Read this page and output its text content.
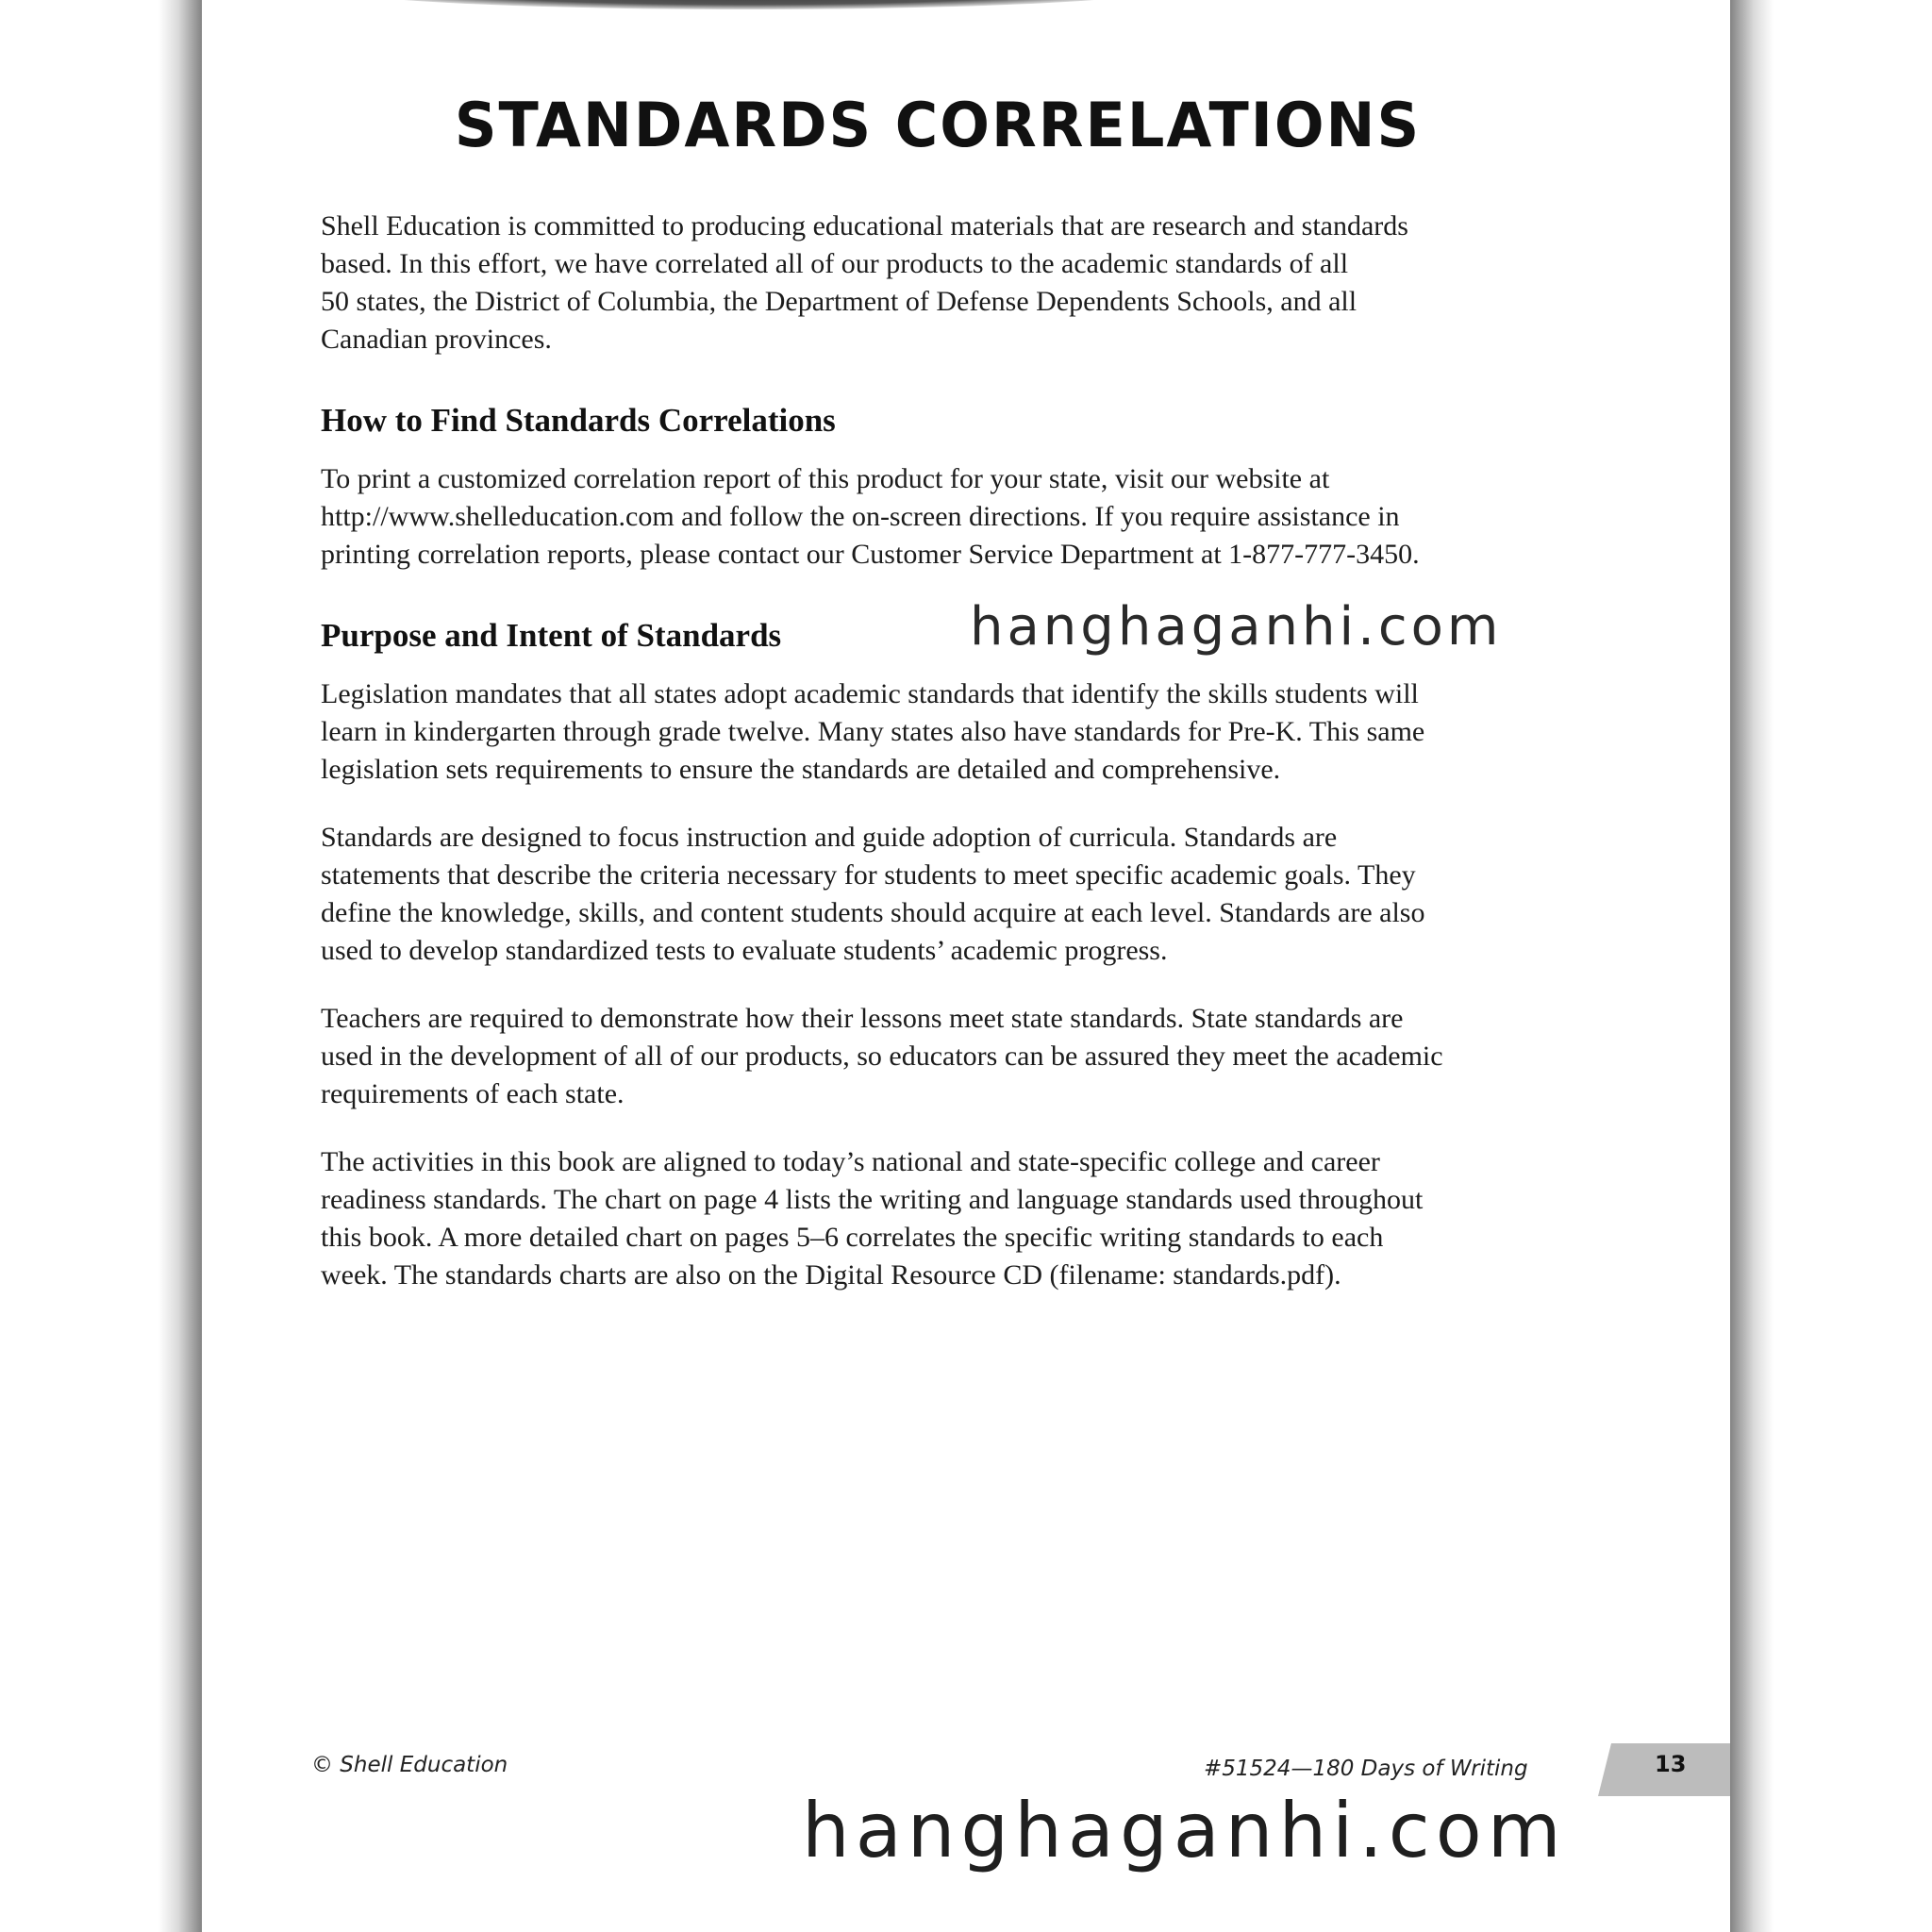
STANDARDS CORRELATIONS

Shell Education is committed to producing educational materials that are research and standards
based. In this effort, we have correlated all of our products to the academic standards of all
50 states, the District of Columbia, the Department of Defense Dependents Schools, and all
Canadian provinces.

How to Find Standards Correlations

To print a customized correlation report of this product for your state, visit our website at
http://www.shelleducation.com and follow the on-screen directions. If you require assistance in
printing correlation reports, please contact our Customer Service Department at 1-877-777-3450.

Purpose and Intent of Standards

Legislation mandates that all states adopt academic standards that identify the skills students will
learn in kindergarten through grade twelve. Many states also have standards for Pre-K. This same
legislation sets requirements to ensure the standards are detailed and comprehensive.

Standards are designed to focus instruction and guide adoption of curricula. Standards are
statements that describe the criteria necessary for students to meet specific academic goals. They
define the knowledge, skills, and content students should acquire at each level. Standards are also
used to develop standardized tests to evaluate students’ academic progress.

Teachers are required to demonstrate how their lessons meet state standards. State standards are
used in the development of all of our products, so educators can be assured they meet the academic
requirements of each state.

The activities in this book are aligned to today’s national and state-specific college and career
readiness standards. The chart on page 4 lists the writing and language standards used throughout
this book. A more detailed chart on pages 5–6 correlates the specific writing standards to each
week. The standards charts are also on the Digital Resource CD (filename: standards.pdf).

hanghaganhi.com
© Shell Education	#51524—180 Days of Writing	13
hanghaganhi.com
